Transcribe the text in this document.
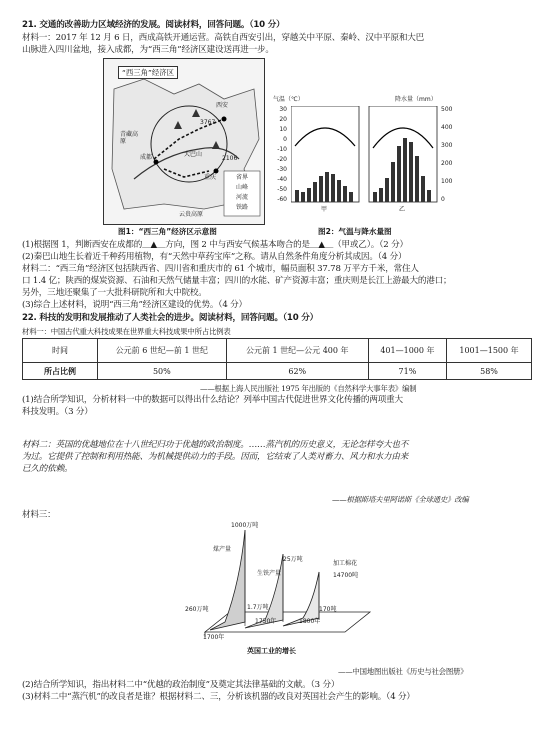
21. 交通的改善助力区域经济的发展。阅读材料，回答问题。（10 分）
材料一：2017 年 12 月 6 日，西成高铁开通运营。高铁自西安引出，穿越关中平原、秦岭、汉中平原和大巴
山脉进入四川盆地，接入成都，为“西三角”经济区建设送再进一步。
“西三角”经济区
西安
成都
重庆
青藏高原
云贵高原
大巴山
3767
2106
省界
山峰
河流
铁路
图1：“西三角”经济区示意图
气温（℃）	降水量（mm）
30
20
10
0
-10
-20
-30
-40
-50
-60
500
400
300
200
100
0
甲	乙
图2：气温与降水量图
(1)根据图 1，判断西安在成都的＿▲＿方向，图 2 中与西安气候基本吻合的是＿▲＿（甲或乙）。（2 分）
(2)秦巴山地生长着近千种药用植物，有“天然中草药宝库”之称。请从自然条件角度分析其成因。（4 分）
材料二：“西三角”经济区包括陕西省、四川省和重庆市的 61 个城市，幅员面积 37.78 万平方千米，常住人
口 1.4 亿；陕西的煤炭资源、石油和天然气储量丰富；四川的水能、矿产资源丰富；重庆则是长江上游最大的港口；
另外，三地还聚集了一大批科研院所和大中院校。
(3)综合上述材料，说明“西三角”经济区建设的优势。（4 分）
22. 科技的发明和发展推动了人类社会的进步。阅读材料，回答问题。（10 分）
材料一：中国古代重大科技成果在世界重大科技成果中所占比例表
时间	公元前 6 世纪—前 1 世纪	公元前 1 世纪—公元 400 年	401—1000 年	1001—1500 年
所占比例	50%	62%	71%	58%
——根据上海人民出版社 1975 年出版的《自然科学大事年表》编制
(1)结合所学知识，分析材料一中的数据可以得出什么结论？列举中国古代促进世界文化传播的两项重大
科技发明。（3 分）
材料二：英国的优越地位在十八世纪归功于优越的政治制度。……蒸汽机的历史意义，无论怎样夸大也不
为过。它提供了控制和利用热能、为机械提供动力的手段。因而，它结束了人类对畜力、风力和水力由来
已久的依赖。
——根据斯塔夫里阿诺斯《全球通史》改编
材料三：
1000万吨
25万吨
14700吨
260万吨	1.7万吨	170吨
1700年
1750年	1800年
煤产量
生铁产量
加工棉花
英国工业的增长
——中国地图出版社《历史与社会图册》
(2)结合所学知识，指出材料二中“优越的政治制度”及奠定其法律基础的文献。（3 分）
(3)材料二中“蒸汽机”的改良者是谁？根据材料二、三，分析该机器的改良对英国社会产生的影响。（4 分）
